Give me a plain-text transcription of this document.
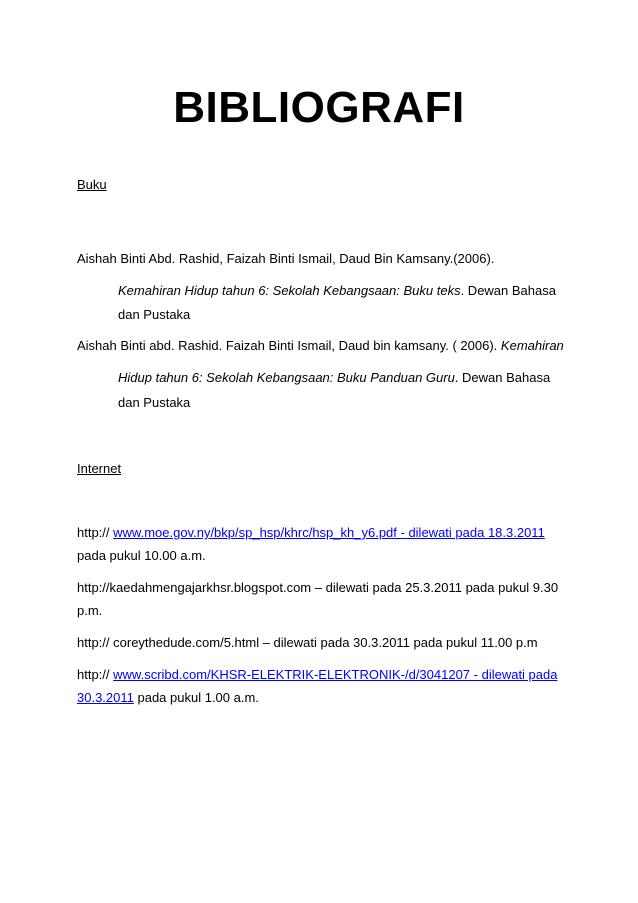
BIBLIOGRAFI
Buku
Aishah Binti Abd. Rashid, Faizah Binti Ismail, Daud Bin Kamsany.(2006).
Kemahiran Hidup tahun 6: Sekolah Kebangsaan: Buku teks. Dewan Bahasa
dan Pustaka
Aishah Binti abd. Rashid. Faizah Binti Ismail, Daud bin kamsany. ( 2006). Kemahiran
Hidup tahun 6: Sekolah Kebangsaan: Buku Panduan Guru. Dewan Bahasa
dan Pustaka
Internet
http:// www.moe.gov.ny/bkp/sp_hsp/khrc/hsp_kh_y6.pdf - dilewati pada 18.3.2011
pada pukul 10.00 a.m.
http://kaedahmengajarkhsr.blogspot.com – dilewati pada 25.3.2011 pada pukul 9.30
p.m.
http:// coreythedude.com/5.html – dilewati pada 30.3.2011 pada pukul 11.00 p.m
http:// www.scribd.com/KHSR-ELEKTRIK-ELEKTRONIK-/d/3041207 - dilewati pada
30.3.2011 pada pukul 1.00 a.m.
